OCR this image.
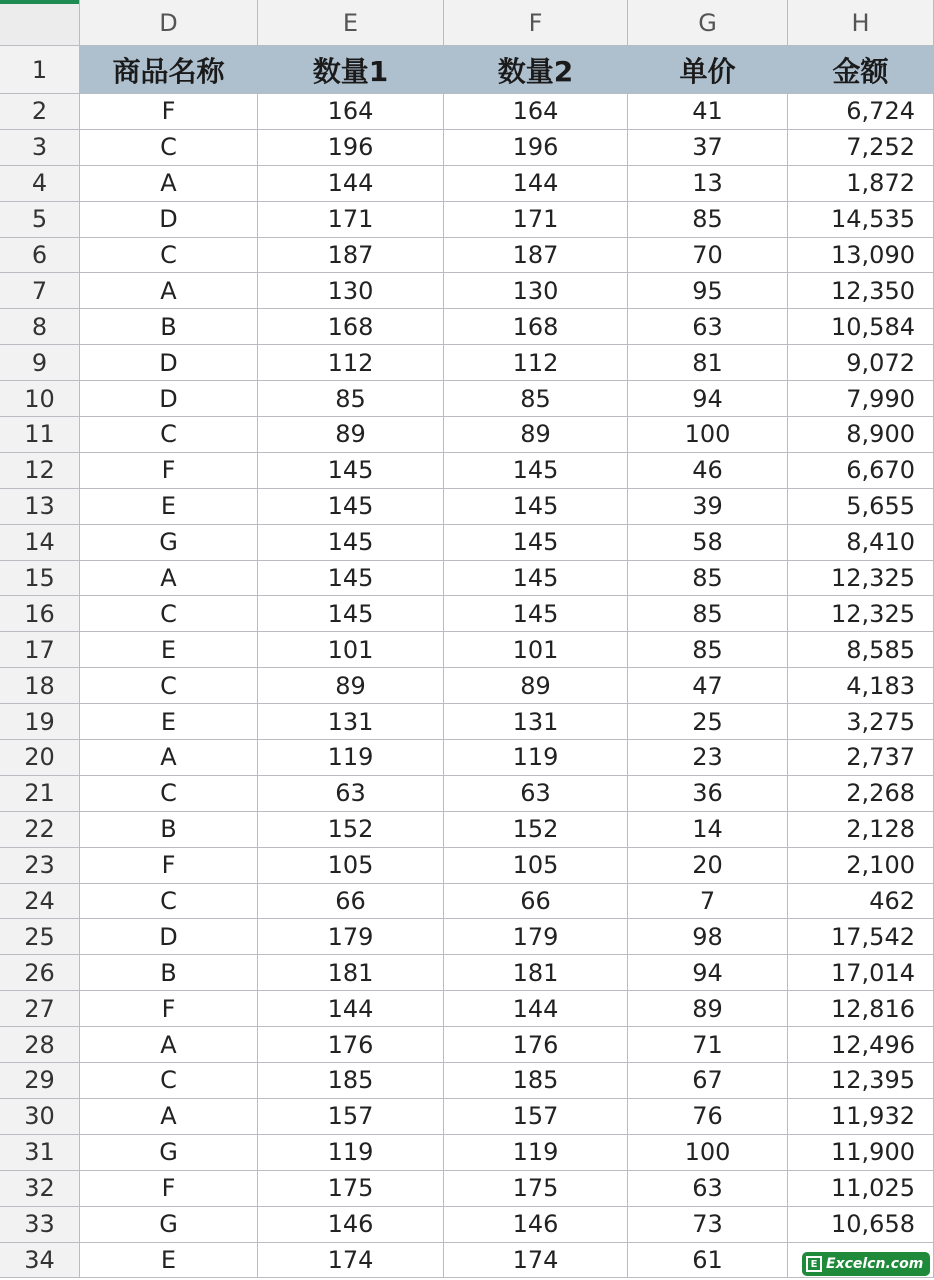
D	E	F	G	H
1	商品名称	数量1	数量2	单价	金额
2	F	164	164	41	6,724
3	C	196	196	37	7,252
4	A	144	144	13	1,872
5	D	171	171	85	14,535
6	C	187	187	70	13,090
7	A	130	130	95	12,350
8	B	168	168	63	10,584
9	D	112	112	81	9,072
10	D	85	85	94	7,990
11	C	89	89	100	8,900
12	F	145	145	46	6,670
13	E	145	145	39	5,655
14	G	145	145	58	8,410
15	A	145	145	85	12,325
16	C	145	145	85	12,325
17	E	101	101	85	8,585
18	C	89	89	47	4,183
19	E	131	131	25	3,275
20	A	119	119	23	2,737
21	C	63	63	36	2,268
22	B	152	152	14	2,128
23	F	105	105	20	2,100
24	C	66	66	7	462
25	D	179	179	98	17,542
26	B	181	181	94	17,014
27	F	144	144	89	12,816
28	A	176	176	71	12,496
29	C	185	185	67	12,395
30	A	157	157	76	11,932
31	G	119	119	100	11,900
32	F	175	175	63	11,025
33	G	146	146	73	10,658
34	E	174	174	61	E Excelcn.com
